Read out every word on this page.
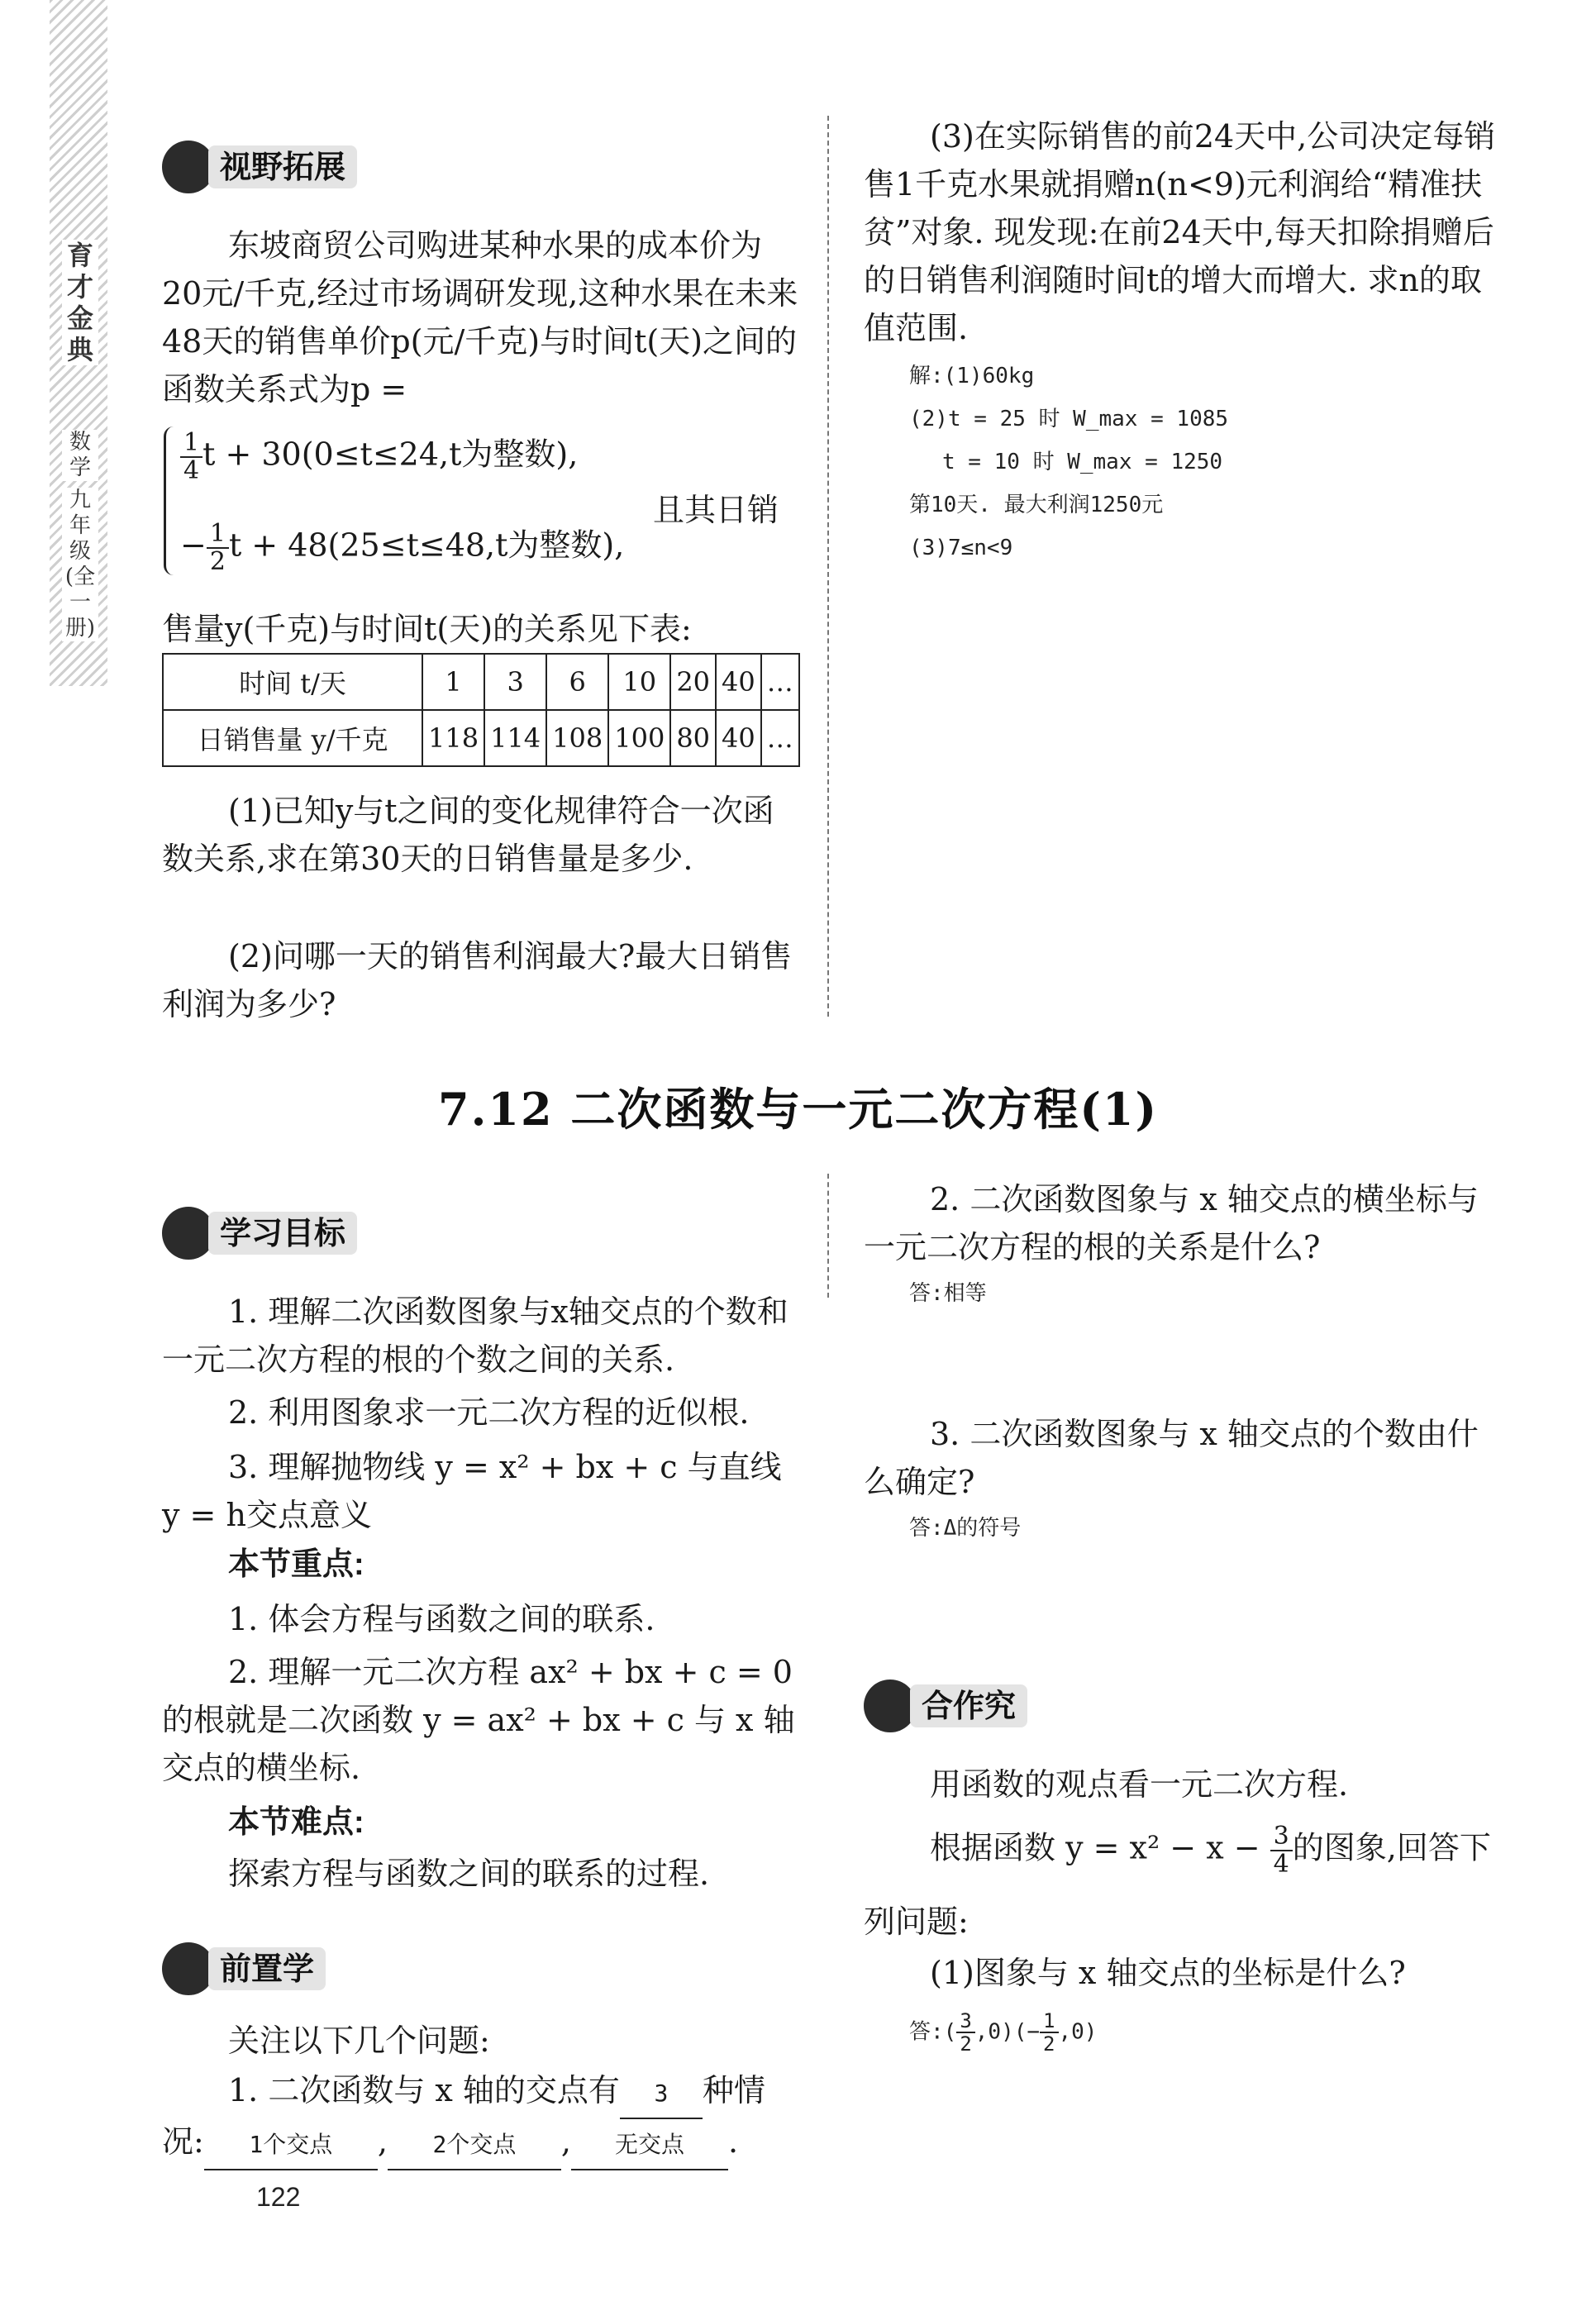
育才金典
数学
九年级(全一册)
视野拓展
东坡商贸公司购进某种水果的成本价为20元/千克,经过市场调研发现,这种水果在未来48天的销售单价p(元/千克)与时间t(天)之间的函数关系式为p =
$\frac{1}{4}$ t + 30(0≤t≤24,t为整数),
− $\frac{1}{2}$ t + 48(25≤t≤48,t为整数),
且其日销
售量y(千克)与时间t(天)的关系见下表:
时间 t/天	1	3	6	10	20	40	…
日销售量 y/千克	118	114	108	100	80	40	…
(1)已知y与t之间的变化规律符合一次函数关系,求在第30天的日销售量是多少.
(2)问哪一天的销售利润最大?最大日销售利润为多少?
(3)在实际销售的前24天中,公司决定每销售1千克水果就捐赠n(n<9)元利润给“精准扶贫”对象. 现发现:在前24天中,每天扣除捐赠后的日销售利润随时间t的增大而增大. 求n的取值范围.
解:(1)60kg
(2)t = 25 时 W_max = 1085
t = 10 时 W_max = 1250
第10天. 最大利润1250元
(3)7≤n<9
7.12 二次函数与一元二次方程(1)
学习目标
1. 理解二次函数图象与x轴交点的个数和一元二次方程的根的个数之间的关系.
2. 利用图象求一元二次方程的近似根.
3. 理解抛物线 y = x² + bx + c 与直线 y = h交点意义
本节重点:
1. 体会方程与函数之间的联系.
2. 理解一元二次方程 ax² + bx + c = 0 的根就是二次函数 y = ax² + bx + c 与 x 轴交点的横坐标.
本节难点:
探索方程与函数之间的联系的过程.
前置学
关注以下几个问题:
1. 二次函数与 x 轴的交点有 3 种情
况: 1个交点 , 2个交点 , 无交点 .
2. 二次函数图象与 x 轴交点的横坐标与一元二次方程的根的关系是什么?
答:相等
3. 二次函数图象与 x 轴交点的个数由什么确定?
答:Δ的符号
合作究
用函数的观点看一元二次方程.
根据函数 $y = x^2 - x - \frac{3}{4}$ 的图象,回答下
列问题:
(1)图象与 x 轴交点的坐标是什么?
答:( $\frac{3}{2} ,0)(- \frac{1}{2} ,0)$
122
